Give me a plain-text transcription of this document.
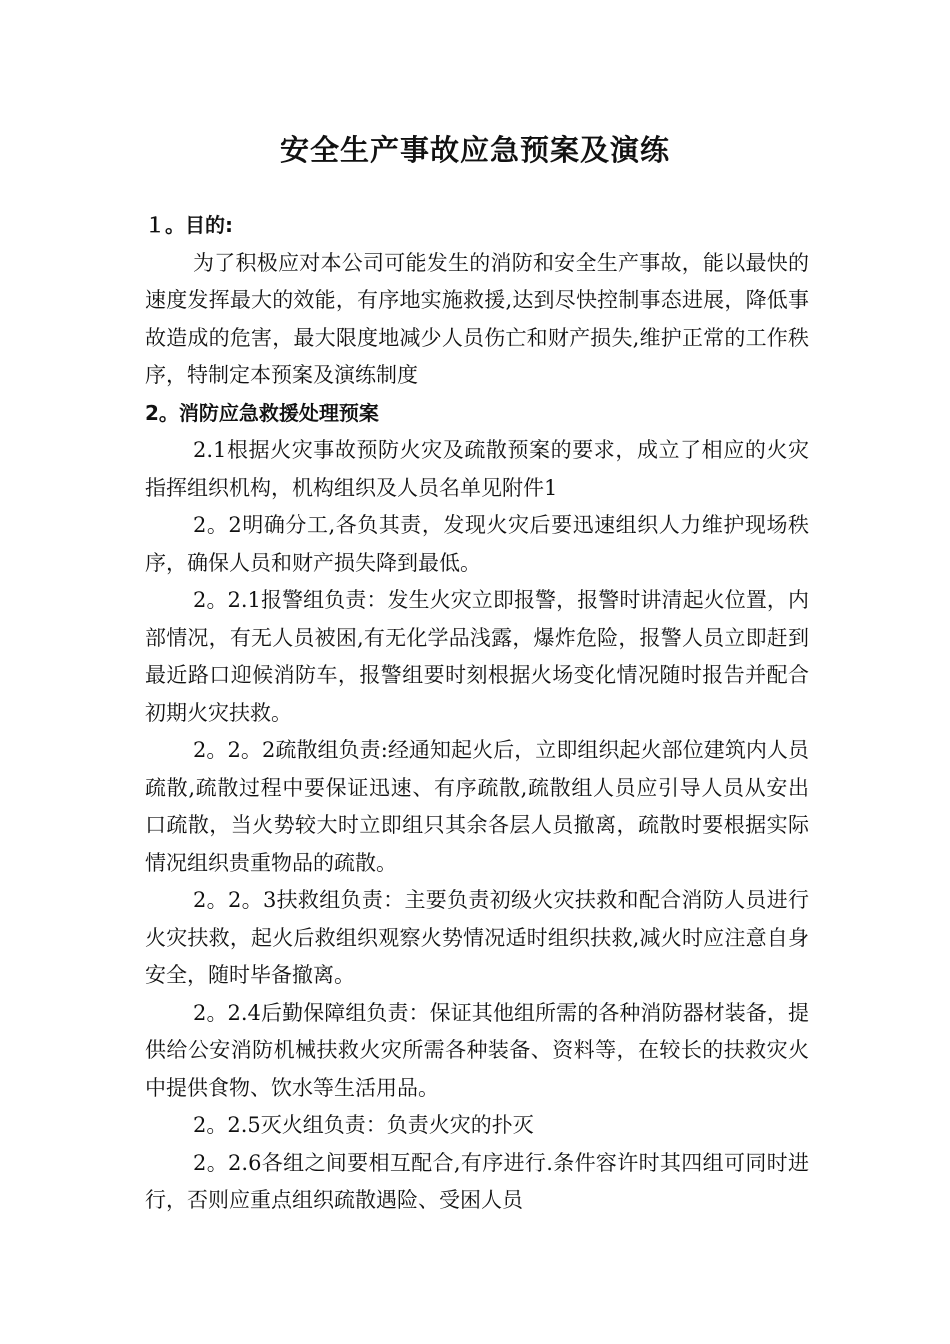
安全生产事故应急预案及演练

１。目的:

为了积极应对本公司可能发生的消防和安全生产事故，能以最快的速度发挥最大的效能，有序地实施救援,达到尽快控制事态进展，降低事故造成的危害，最大限度地减少人员伤亡和财产损失,维护正常的工作秩序，特制定本预案及演练制度

2。消防应急救援处理预案

2.1根据火灾事故预防火灾及疏散预案的要求，成立了相应的火灾指挥组织机构，机构组织及人员名单见附件1

2。2明确分工,各负其责，发现火灾后要迅速组织人力维护现场秩序，确保人员和财产损失降到最低。

2。2.1报警组负责：发生火灾立即报警，报警时讲清起火位置，内部情况，有无人员被困,有无化学品浅露，爆炸危险，报警人员立即赶到最近路口迎候消防车，报警组要时刻根据火场变化情况随时报告并配合初期火灾扶救。

2。2。2疏散组负责:经通知起火后，立即组织起火部位建筑内人员疏散,疏散过程中要保证迅速、有序疏散,疏散组人员应引导人员从安出口疏散，当火势较大时立即组只其余各层人员撤离，疏散时要根据实际情况组织贵重物品的疏散。

2。2。3扶救组负责：主要负责初级火灾扶救和配合消防人员进行火灾扶救，起火后救组织观察火势情况适时组织扶救,减火时应注意自身安全，随时毕备撤离。

2。2.4后勤保障组负责：保证其他组所需的各种消防器材装备，提供给公安消防机械扶救火灾所需各种装备、资料等，在较长的扶救灾火中提供食物、饮水等生活用品。

2。2.5灭火组负责：负责火灾的扑灭

2。2.6各组之间要相互配合,有序进行.条件容许时其四组可同时进行，否则应重点组织疏散遇险、受困人员
